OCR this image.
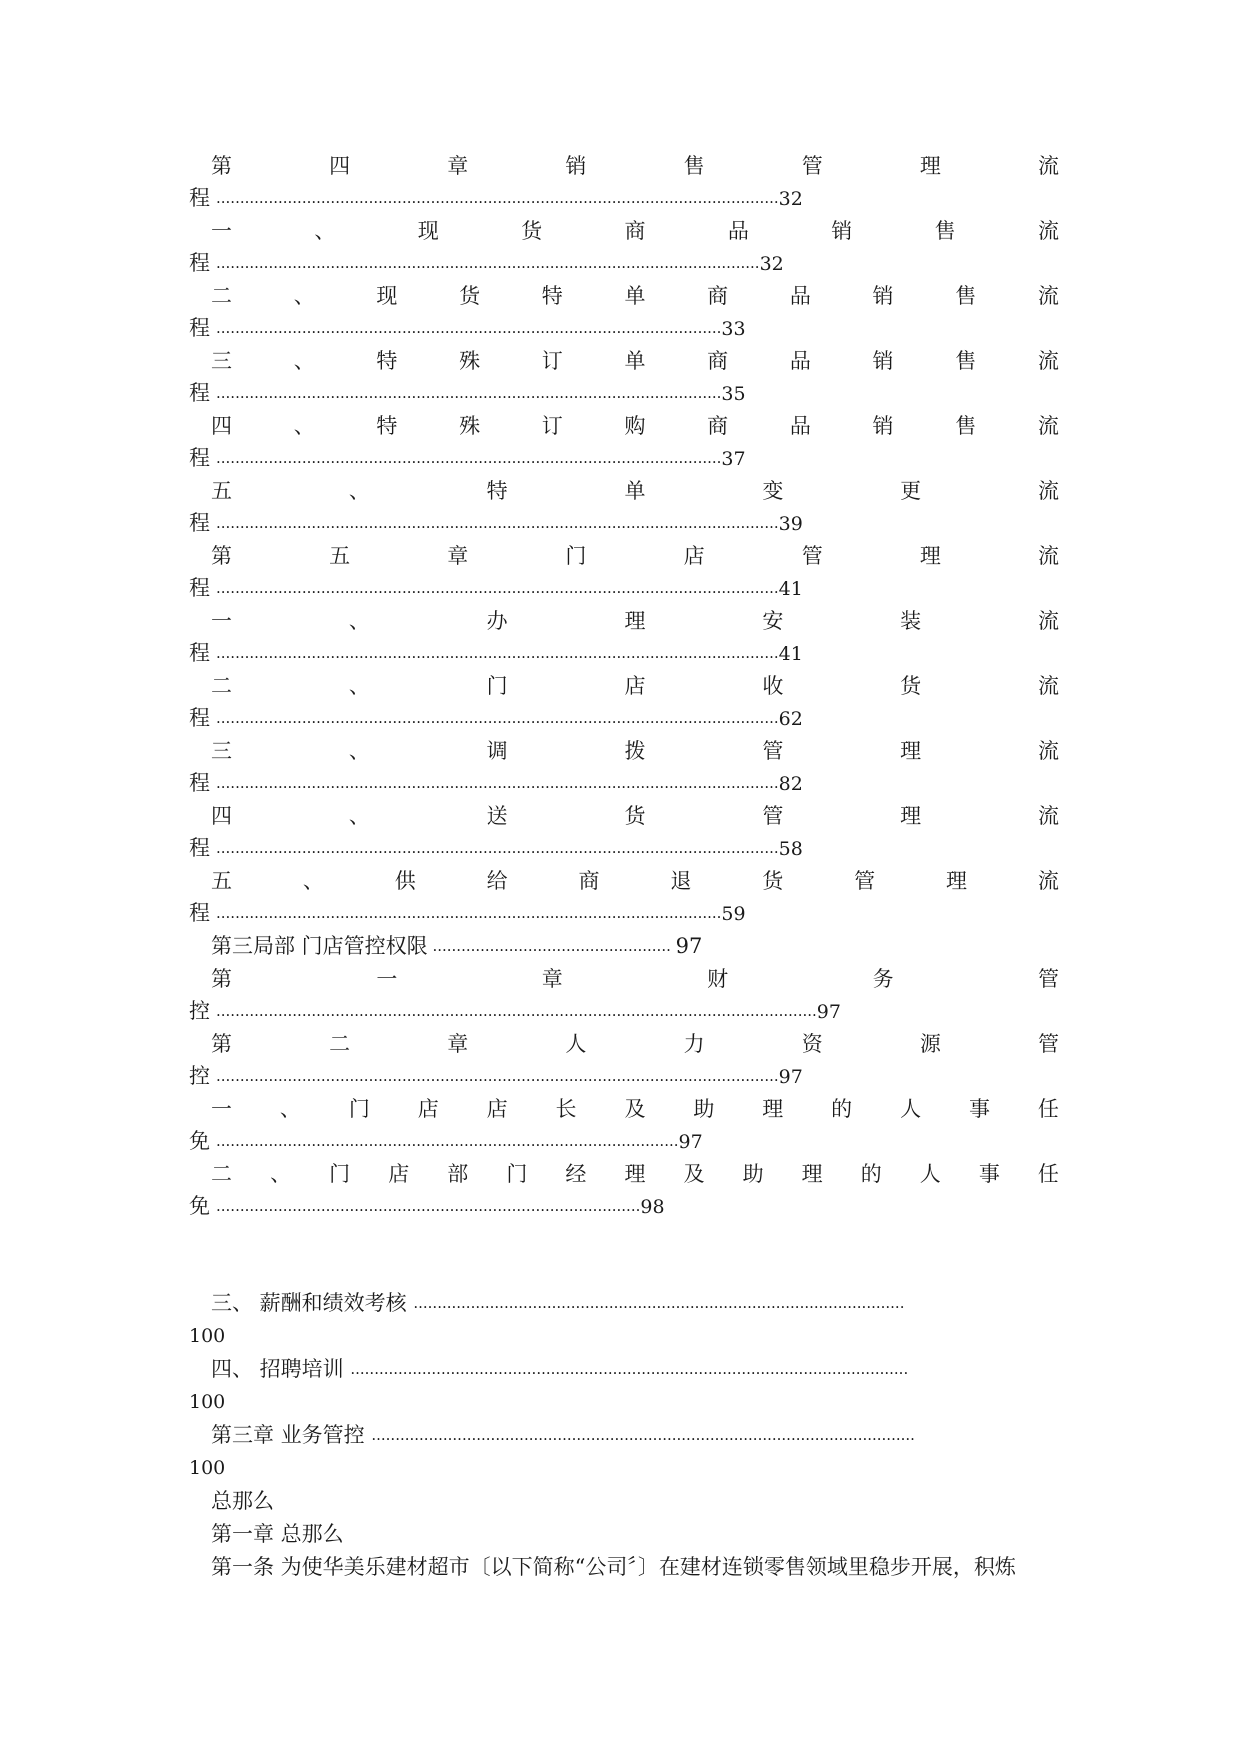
第	四	章	销	售	管	理	流
程 ......................................................................................................................32
一	、	现	货	商	品	销	售	流
程 ..................................................................................................................32
二	、	现	货	特	单	商	品	销	售	流
程 ..........................................................................................................33
三	、	特	殊	订	单	商	品	销	售	流
程 ..........................................................................................................35
四	、	特	殊	订	购	商	品	销	售	流
程 ..........................................................................................................37
五	、	特	单	变	更	流
程 ......................................................................................................................39
第	五	章	门	店	管	理	流
程 ......................................................................................................................41
一	、	办	理	安	装	流
程 ......................................................................................................................41
二	、	门	店	收	货	流
程 ......................................................................................................................62
三	、	调	拨	管	理	流
程 ......................................................................................................................82
四	、	送	货	管	理	流
程 ......................................................................................................................58
五	、	供	给	商	退	货	管	理	流
程 ..........................................................................................................59
第三局部 门店管控权限 .................................................. 97
第	一	章	财	务	管
控 ..............................................................................................................................97
第	二	章	人	力	资	源	管
控 ......................................................................................................................97
一 、 门 店 店 长 及 助 理 的 人 事 任
免 .................................................................................................97
二 、 门 店 部 门 经 理 及 助 理 的 人 事 任
免 .........................................................................................98
三、 薪酬和绩效考核 .......................................................................................................
100
四、 招聘培训 .....................................................................................................................
100
第三章 业务管控 ..................................................................................................................
100
总那么
第一章 总那么
第一条 为使华美乐建材超市〔以下简称“公司〞〕在建材连锁零售领域里稳步开展，积炼
